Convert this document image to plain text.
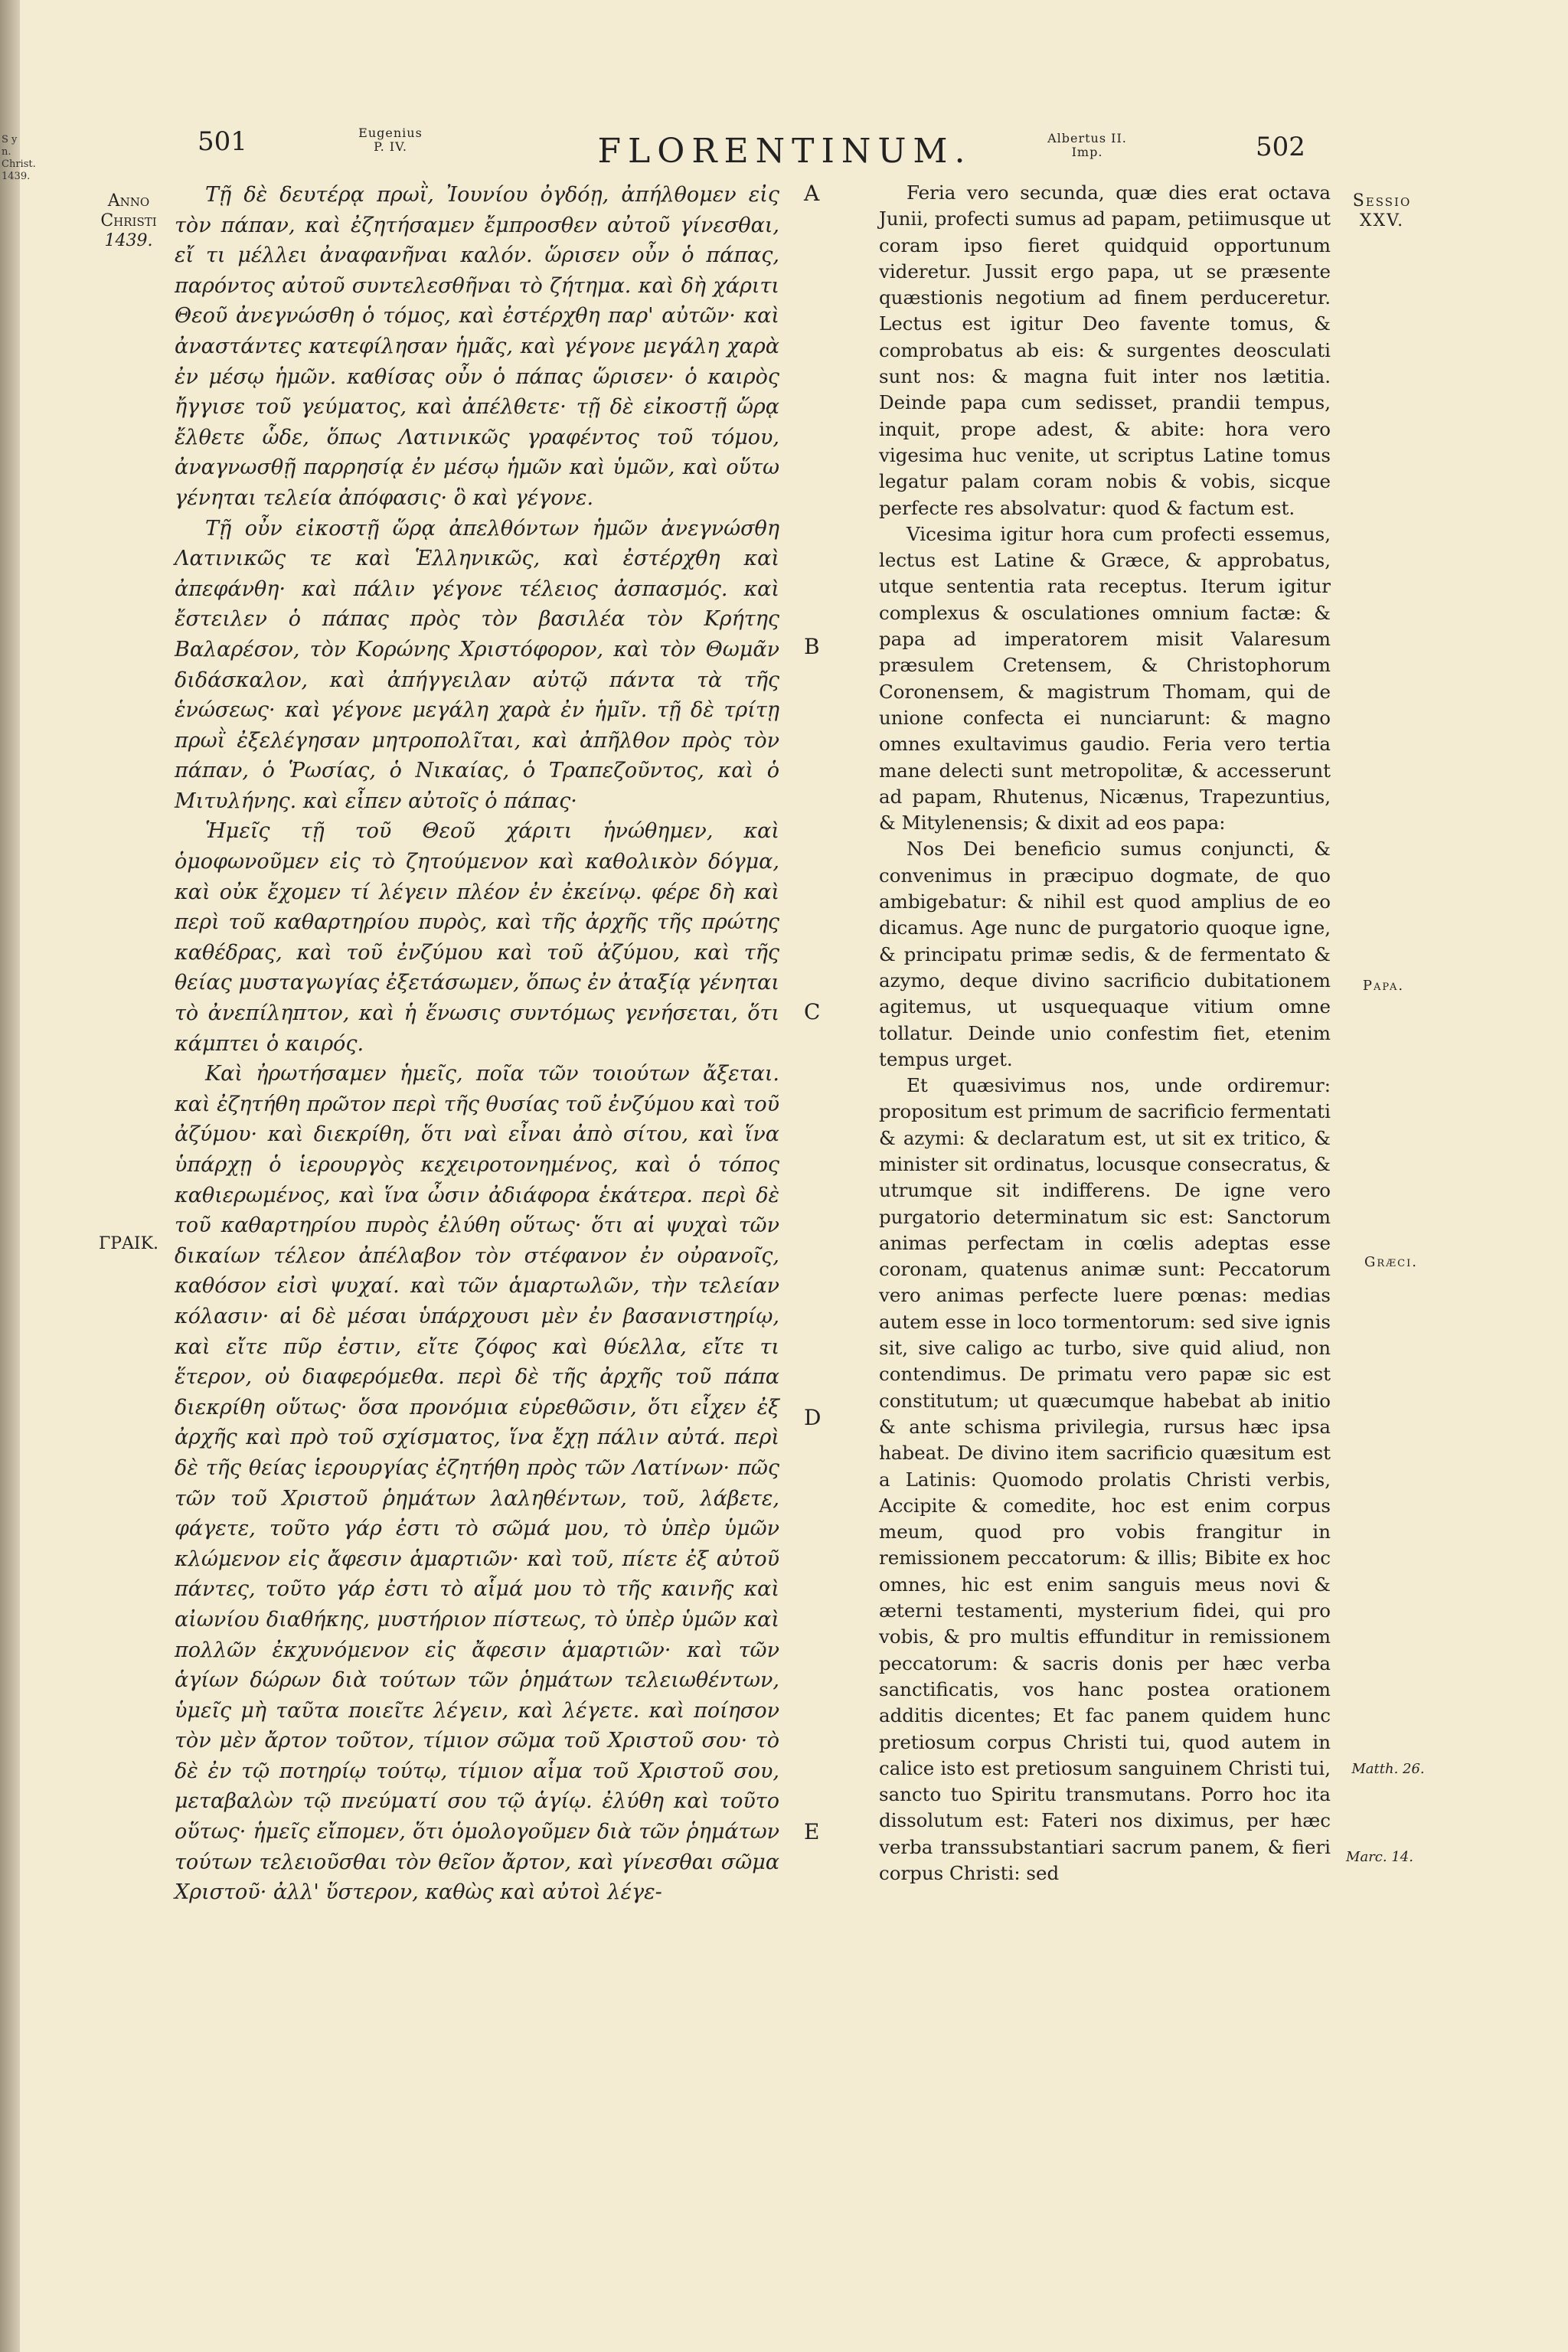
S y n. Christ. 1439.
501	Eugenius
P. IV.	FLORENTINUM.	Albertus II.
Imp.	502
Anno
Christi
1439.
ΓΡΑΙΚ.
Sessio
XXV.
Papa.
Græci.
Matth. 26.
Marc. 14.
A
B
C
D
E

Τῇ δὲ δευτέρᾳ πρωῒ, Ἰουνίου ὀγδόῃ, ἀπήλθομεν εἰς τὸν πάπαν, καὶ ἐζητήσαμεν ἔμπροσθεν αὐτοῦ γίνεσθαι, εἴ τι μέλλει ἀναφανῆναι καλόν. ὥρισεν οὖν ὁ πάπας, παρόντος αὐτοῦ συντελεσθῆναι τὸ ζήτημα. καὶ δὴ χάριτι Θεοῦ ἀνεγνώσθη ὁ τόμος, καὶ ἐστέρχθη παρ' αὐτῶν· καὶ ἀναστάντες κατεφίλησαν ἡμᾶς, καὶ γέγονε μεγάλη χαρὰ ἐν μέσῳ ἡμῶν. καθίσας οὖν ὁ πάπας ὥρισεν· ὁ καιρὸς ἤγγισε τοῦ γεύματος, καὶ ἀπέλθετε· τῇ δὲ εἰκοστῇ ὥρᾳ ἔλθετε ὧδε, ὅπως Λατινικῶς γραφέντος τοῦ τόμου, ἀναγνωσθῇ παρρησίᾳ ἐν μέσῳ ἡμῶν καὶ ὑμῶν, καὶ οὕτω γένηται τελεία ἀπόφασις· ὃ καὶ γέγονε.

Τῇ οὖν εἰκοστῇ ὥρᾳ ἀπελθόντων ἡμῶν ἀνεγνώσθη Λατινικῶς τε καὶ Ἑλληνικῶς, καὶ ἐστέρχθη καὶ ἀπεφάνθη· καὶ πάλιν γέγονε τέλειος ἀσπασμός. καὶ ἔστειλεν ὁ πάπας πρὸς τὸν βασιλέα τὸν Κρήτης Βαλαρέσον, τὸν Κορώνης Χριστόφορον, καὶ τὸν Θωμᾶν διδάσκαλον, καὶ ἀπήγγειλαν αὐτῷ πάντα τὰ τῆς ἑνώσεως· καὶ γέγονε μεγάλη χαρὰ ἐν ἡμῖν. τῇ δὲ τρίτῃ πρωῒ ἐξελέγησαν μητροπολῖται, καὶ ἀπῆλθον πρὸς τὸν πάπαν, ὁ Ῥωσίας, ὁ Νικαίας, ὁ Τραπεζοῦντος, καὶ ὁ Μιτυλήνης. καὶ εἶπεν αὐτοῖς ὁ πάπας·

Ἡμεῖς τῇ τοῦ Θεοῦ χάριτι ἡνώθημεν, καὶ ὁμοφωνοῦμεν εἰς τὸ ζητούμενον καὶ καθολικὸν δόγμα, καὶ οὐκ ἔχομεν τί λέγειν πλέον ἐν ἐκείνῳ. φέρε δὴ καὶ περὶ τοῦ καθαρτηρίου πυρὸς, καὶ τῆς ἀρχῆς τῆς πρώτης καθέδρας, καὶ τοῦ ἐνζύμου καὶ τοῦ ἀζύμου, καὶ τῆς θείας μυσταγωγίας ἐξετάσωμεν, ὅπως ἐν ἀταξίᾳ γένηται τὸ ἀνεπίληπτον, καὶ ἡ ἕνωσις συντόμως γενήσεται, ὅτι κάμπτει ὁ καιρός.

Καὶ ἠρωτήσαμεν ἡμεῖς, ποῖα τῶν τοιούτων ἄξεται. καὶ ἐζητήθη πρῶτον περὶ τῆς θυσίας τοῦ ἐνζύμου καὶ τοῦ ἀζύμου· καὶ διεκρίθη, ὅτι ναὶ εἶναι ἀπὸ σίτου, καὶ ἵνα ὑπάρχῃ ὁ ἱερουργὸς κεχειροτονημένος, καὶ ὁ τόπος καθιερωμένος, καὶ ἵνα ὦσιν ἀδιάφορα ἑκάτερα. περὶ δὲ τοῦ καθαρτηρίου πυρὸς ἐλύθη οὕτως· ὅτι αἱ ψυχαὶ τῶν δικαίων τέλεον ἀπέλαβον τὸν στέφανον ἐν οὐρανοῖς, καθόσον εἰσὶ ψυχαί. καὶ τῶν ἁμαρτωλῶν, τὴν τελείαν κόλασιν· αἱ δὲ μέσαι ὑπάρχουσι μὲν ἐν βασανιστηρίῳ, καὶ εἴτε πῦρ ἐστιν, εἴτε ζόφος καὶ θύελλα, εἴτε τι ἕτερον, οὐ διαφερόμεθα. περὶ δὲ τῆς ἀρχῆς τοῦ πάπα διεκρίθη οὕτως· ὅσα προνόμια εὑρεθῶσιν, ὅτι εἶχεν ἐξ ἀρχῆς καὶ πρὸ τοῦ σχίσματος, ἵνα ἔχῃ πάλιν αὐτά. περὶ δὲ τῆς θείας ἱερουργίας ἐζητήθη πρὸς τῶν Λατίνων· πῶς τῶν τοῦ Χριστοῦ ῥημάτων λαληθέντων, τοῦ, λάβετε, φάγετε, τοῦτο γάρ ἐστι τὸ σῶμά μου, τὸ ὑπὲρ ὑμῶν κλώμενον εἰς ἄφεσιν ἁμαρτιῶν· καὶ τοῦ, πίετε ἐξ αὐτοῦ πάντες, τοῦτο γάρ ἐστι τὸ αἷμά μου τὸ τῆς καινῆς καὶ αἰωνίου διαθήκης, μυστήριον πίστεως, τὸ ὑπὲρ ὑμῶν καὶ πολλῶν ἐκχυνόμενον εἰς ἄφεσιν ἁμαρτιῶν· καὶ τῶν ἁγίων δώρων διὰ τούτων τῶν ῥημάτων τελειωθέντων, ὑμεῖς μὴ ταῦτα ποιεῖτε λέγειν, καὶ λέγετε. καὶ ποίησον τὸν μὲν ἄρτον τοῦτον, τίμιον σῶμα τοῦ Χριστοῦ σου· τὸ δὲ ἐν τῷ ποτηρίῳ τούτῳ, τίμιον αἷμα τοῦ Χριστοῦ σου, μεταβαλὼν τῷ πνεύματί σου τῷ ἁγίῳ. ἐλύθη καὶ τοῦτο οὕτως· ἡμεῖς εἴπομεν, ὅτι ὁμολογοῦμεν διὰ τῶν ῥημάτων τούτων τελειοῦσθαι τὸν θεῖον ἄρτον, καὶ γίνεσθαι σῶμα Χριστοῦ· ἀλλ' ὕστερον, καθὼς καὶ αὐτοὶ λέγε-

Feria vero secunda, quæ dies erat octava Junii, profecti sumus ad papam, petiimusque ut coram ipso fieret quidquid opportunum videretur. Jussit ergo papa, ut se præsente quæstionis negotium ad finem perduceretur. Lectus est igitur Deo favente tomus, & comprobatus ab eis: & surgentes deosculati sunt nos: & magna fuit inter nos lætitia. Deinde papa cum sedisset, prandii tempus, inquit, prope adest, & abite: hora vero vigesima huc venite, ut scriptus Latine tomus legatur palam coram nobis & vobis, sicque perfecte res absolvatur: quod & factum est.

Vicesima igitur hora cum profecti essemus, lectus est Latine & Græce, & approbatus, utque sententia rata receptus. Iterum igitur complexus & osculationes omnium factæ: & papa ad imperatorem misit Valaresum præsulem Cretensem, & Christophorum Coronensem, & magistrum Thomam, qui de unione confecta ei nunciarunt: & magno omnes exultavimus gaudio. Feria vero tertia mane delecti sunt metropolitæ, & accesserunt ad papam, Rhutenus, Nicænus, Trapezuntius, & Mitylenensis; & dixit ad eos papa:

Nos Dei beneficio sumus conjuncti, & convenimus in præcipuo dogmate, de quo ambigebatur: & nihil est quod amplius de eo dicamus. Age nunc de purgatorio quoque igne, & principatu primæ sedis, & de fermentato & azymo, deque divino sacrificio dubitationem agitemus, ut usquequaque vitium omne tollatur. Deinde unio confestim fiet, etenim tempus urget.

Et quæsivimus nos, unde ordiremur: propositum est primum de sacrificio fermentati & azymi: & declaratum est, ut sit ex tritico, & minister sit ordinatus, locusque consecratus, & utrumque sit indifferens. De igne vero purgatorio determinatum sic est: Sanctorum animas perfectam in cœlis adeptas esse coronam, quatenus animæ sunt: Peccatorum vero animas perfecte luere pœnas: medias autem esse in loco tormentorum: sed sive ignis sit, sive caligo ac turbo, sive quid aliud, non contendimus. De primatu vero papæ sic est constitutum; ut quæcumque habebat ab initio & ante schisma privilegia, rursus hæc ipsa habeat. De divino item sacrificio quæsitum est a Latinis: Quomodo prolatis Christi verbis, Accipite & comedite, hoc est enim corpus meum, quod pro vobis frangitur in remissionem peccatorum: & illis; Bibite ex hoc omnes, hic est enim sanguis meus novi & æterni testamenti, mysterium fidei, qui pro vobis, & pro multis effunditur in remissionem peccatorum: & sacris donis per hæc verba sanctificatis, vos hanc postea orationem additis dicentes; Et fac panem quidem hunc pretiosum corpus Christi tui, quod autem in calice isto est pretiosum sanguinem Christi tui, sancto tuo Spiritu transmutans. Porro hoc ita dissolutum est: Fateri nos diximus, per hæc verba transsubstantiari sacrum panem, & fieri corpus Christi: sed
